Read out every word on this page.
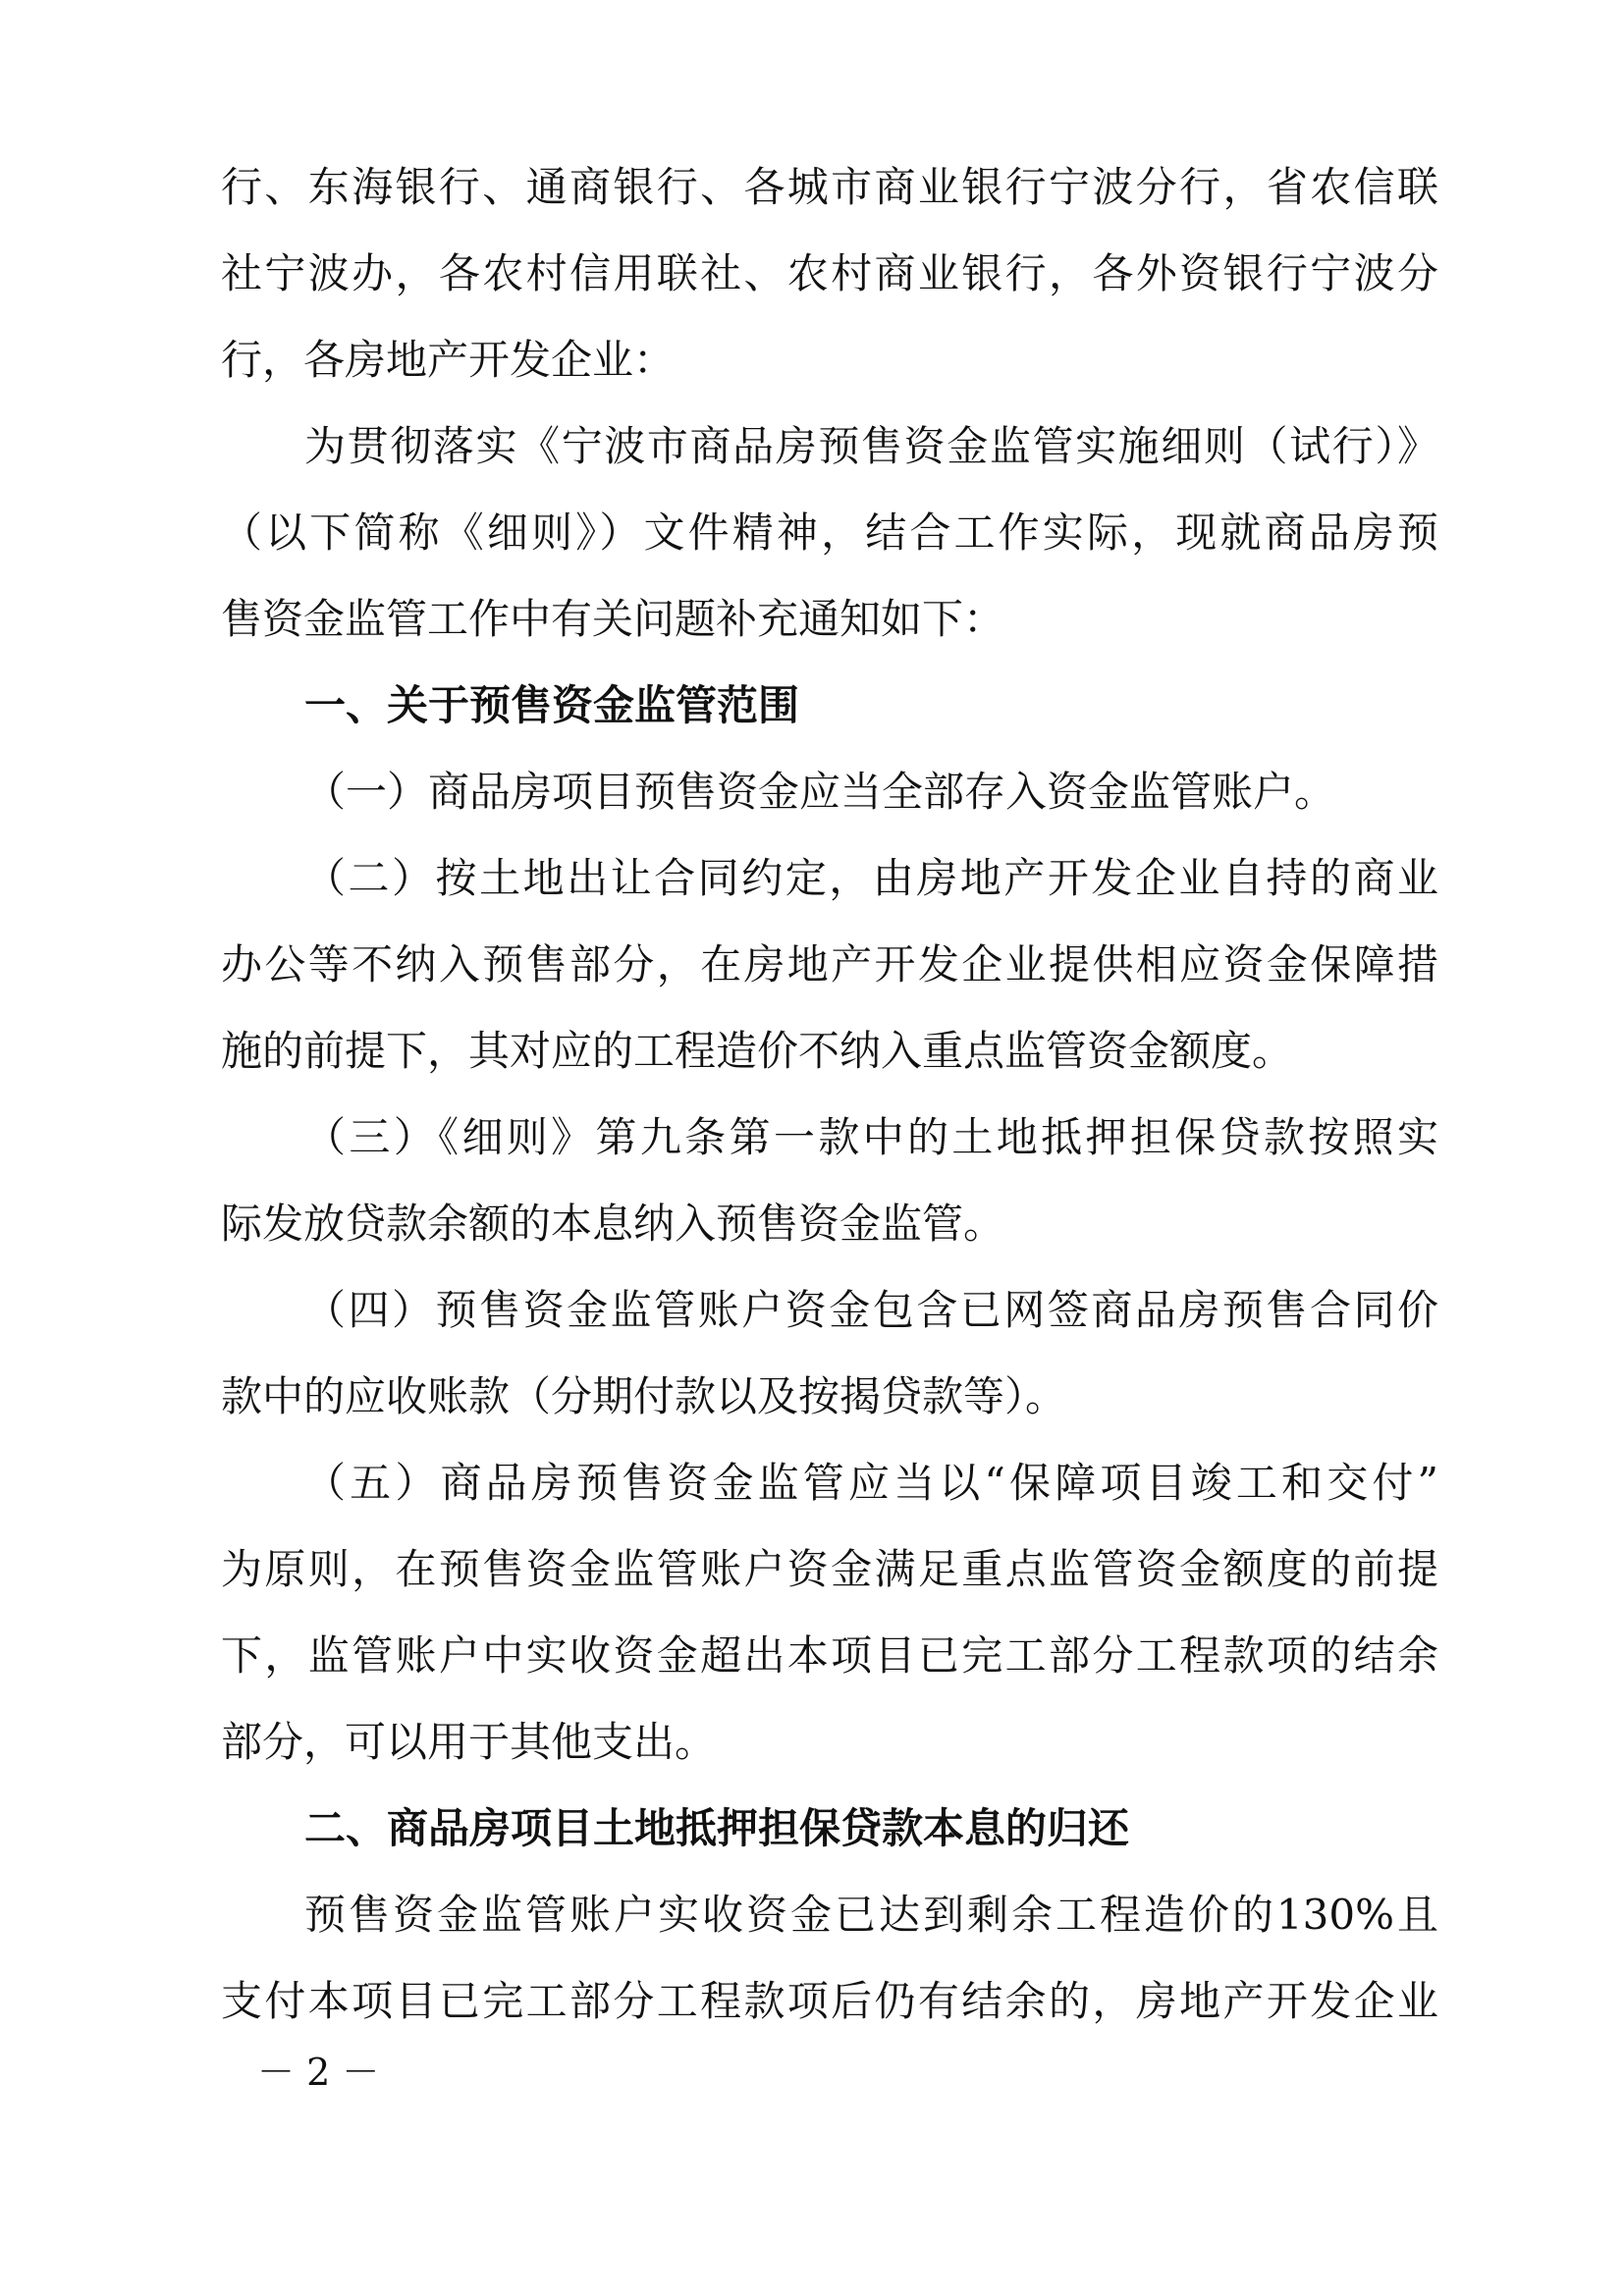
行、东海银行、通商银行、各城市商业银行宁波分行，省农信联
社宁波办，各农村信用联社、农村商业银行，各外资银行宁波分
行，各房地产开发企业：
为贯彻落实《宁波市商品房预售资金监管实施细则（试行）》
（以下简称《细则》）文件精神，结合工作实际，现就商品房预
售资金监管工作中有关问题补充通知如下：
一、关于预售资金监管范围
（一）商品房项目预售资金应当全部存入资金监管账户。
（二）按土地出让合同约定，由房地产开发企业自持的商业
办公等不纳入预售部分，在房地产开发企业提供相应资金保障措
施的前提下，其对应的工程造价不纳入重点监管资金额度。
（三）《细则》第九条第一款中的土地抵押担保贷款按照实
际发放贷款余额的本息纳入预售资金监管。
（四）预售资金监管账户资金包含已网签商品房预售合同价
款中的应收账款（分期付款以及按揭贷款等）。
（五）商品房预售资金监管应当以“保障项目竣工和交付”
为原则，在预售资金监管账户资金满足重点监管资金额度的前提
下，监管账户中实收资金超出本项目已完工部分工程款项的结余
部分，可以用于其他支出。
二、商品房项目土地抵押担保贷款本息的归还
预售资金监管账户实收资金已达到剩余工程造价的130%且
支付本项目已完工部分工程款项后仍有结余的，房地产开发企业
－ 2 －
